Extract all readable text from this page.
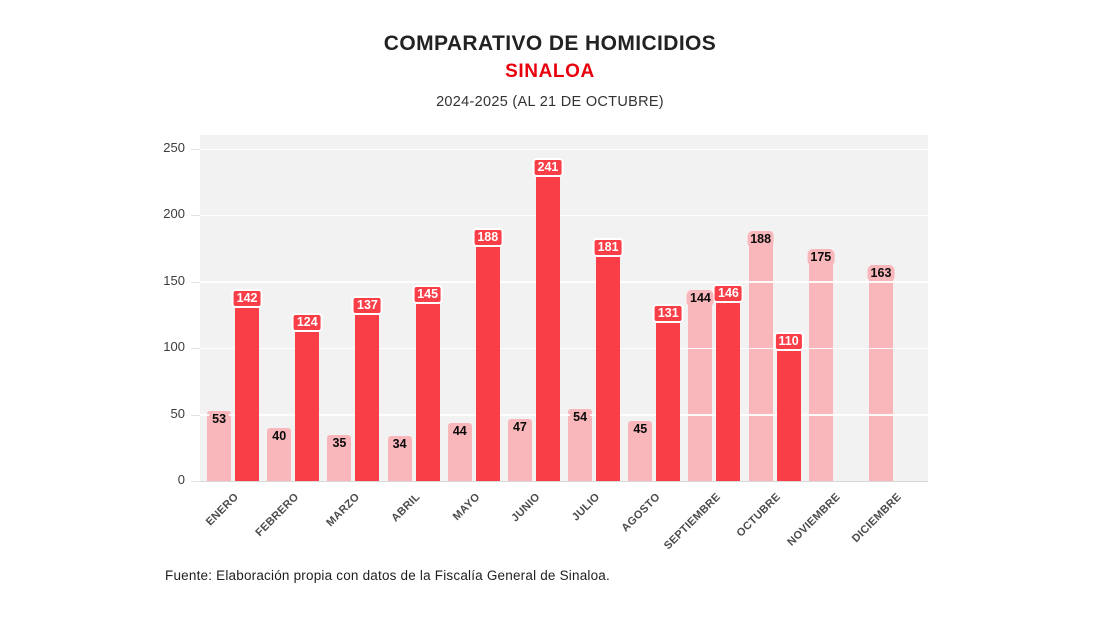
COMPARATIVO DE HOMICIDIOS
SINALOA
2024-2025 (AL 21 DE OCTUBRE)
53
142
ENERO
40
124
FEBRERO
35
137
MARZO
34
145
ABRIL
44
188
MAYO
47
241
JUNIO
54
181
JULIO
45
131
AGOSTO
144 146
SEPTIEMBRE
188
110
OCTUBRE
175
NOVIEMBRE
163
DICIEMBRE
Fuente: Elaboración propia con datos de la Fiscalía General de Sinaloa.
0
50
100
150
200
250
